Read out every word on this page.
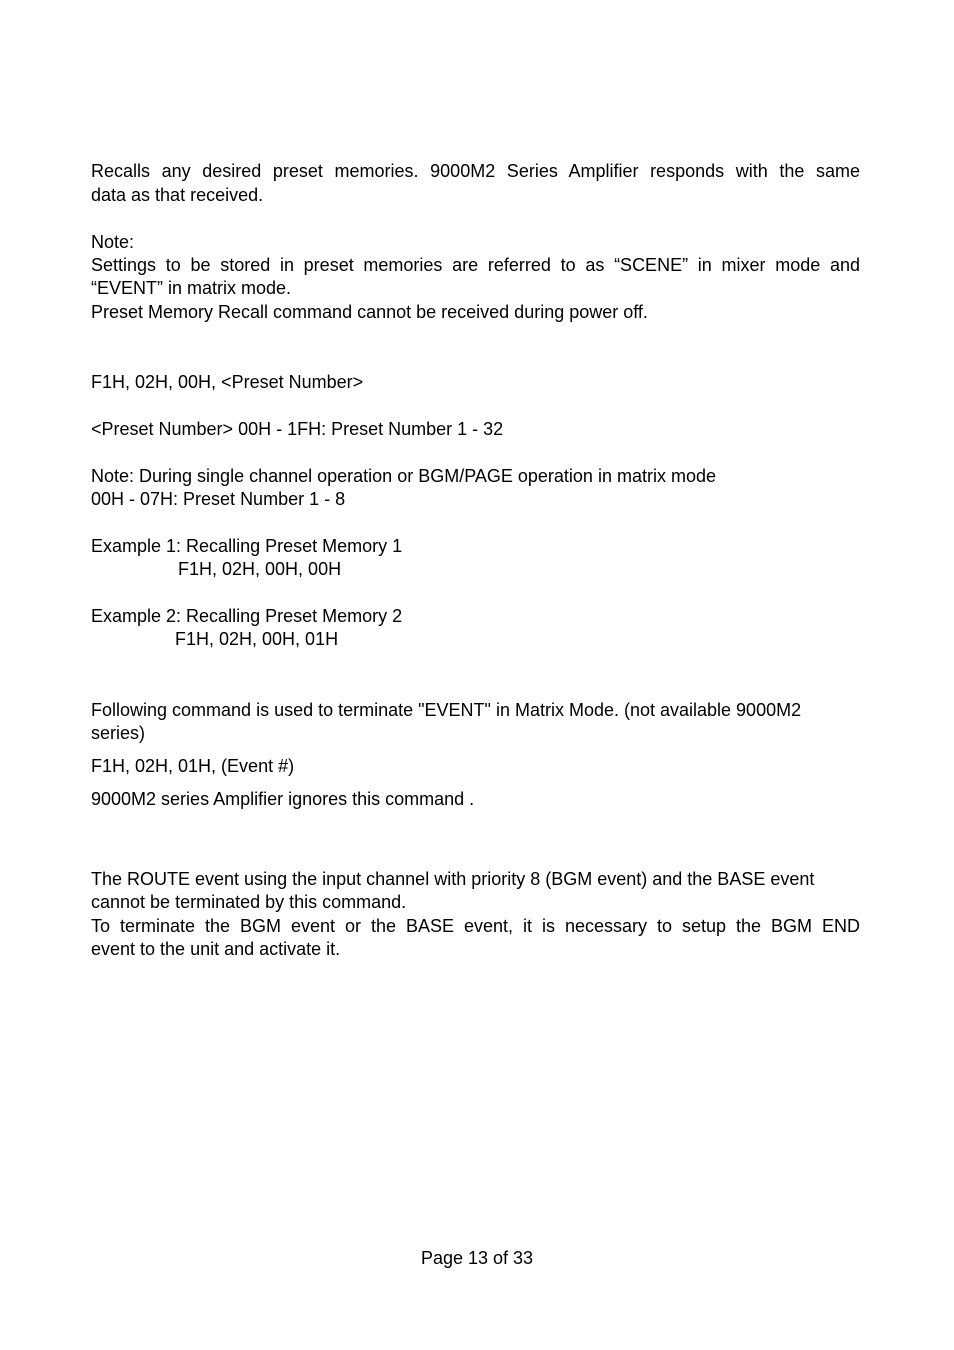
Recalls any desired preset memories. 9000M2 Series Amplifier responds with the same
data as that received.
Note:
Settings to be stored in preset memories are referred to as “SCENE” in mixer mode and
“EVENT” in matrix mode.
Preset Memory Recall command cannot be received during power off.
F1H, 02H, 00H, <Preset Number>
<Preset Number> 00H - 1FH: Preset Number 1 - 32
Note: During single channel operation or BGM/PAGE operation in matrix mode
00H - 07H: Preset Number 1 - 8
Example 1: Recalling Preset Memory 1
F1H, 02H, 00H, 00H
Example 2: Recalling Preset Memory 2
F1H, 02H, 00H, 01H
Following command is used to terminate "EVENT" in Matrix Mode. (not available 9000M2
series)
F1H, 02H, 01H, (Event #)
9000M2 series Amplifier ignores this command .
The ROUTE event using the input channel with priority 8 (BGM event) and the BASE event
cannot be terminated by this command.
To terminate the BGM event or the BASE event, it is necessary to setup the BGM END
event to the unit and activate it.
Page 13 of 33
